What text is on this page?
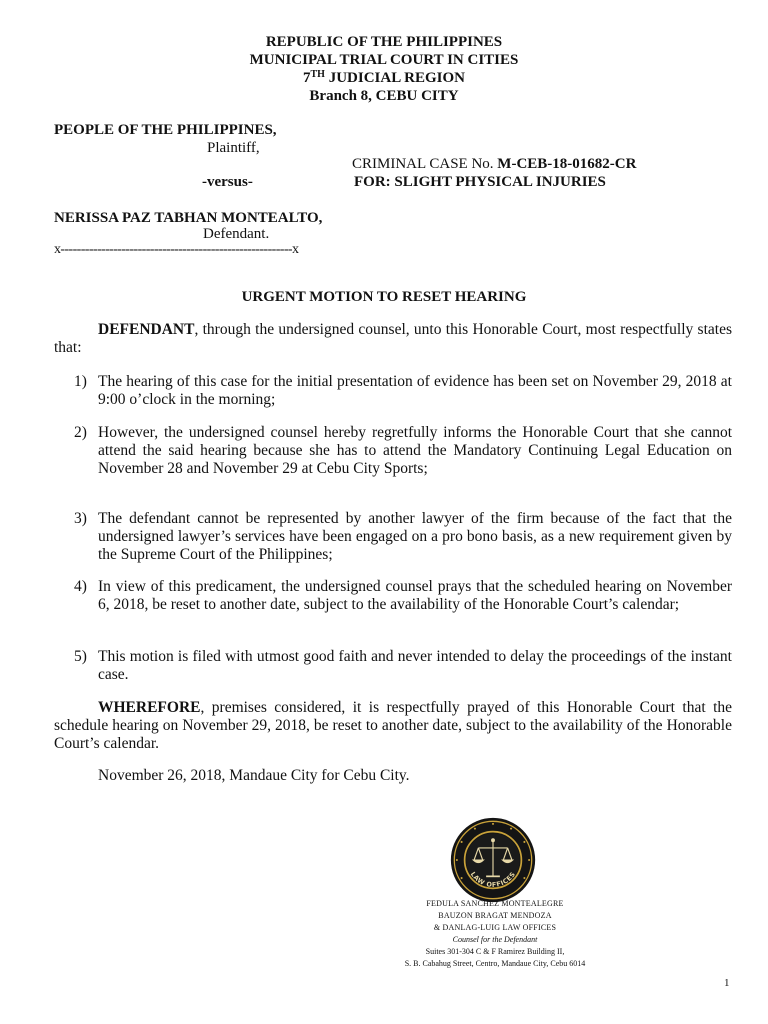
REPUBLIC OF THE PHILIPPINES
MUNICIPAL TRIAL COURT IN CITIES
7TH JUDICIAL REGION
Branch 8, CEBU CITY
PEOPLE OF THE PHILIPPINES,
Plaintiff,
CRIMINAL CASE No. M-CEB-18-01682-CR
-versus-	FOR: SLIGHT PHYSICAL INJURIES
NERISSA PAZ TABHAN MONTEALTO,
Defendant.
x---------------------------------------------------------x
URGENT MOTION TO RESET HEARING

DEFENDANT, through the undersigned counsel, unto this Honorable Court, most respectfully states that:

1) The hearing of this case for the initial presentation of evidence has been set on November 29, 2018 at 9:00 o’clock in the morning;
2) However, the undersigned counsel hereby regretfully informs the Honorable Court that she cannot attend the said hearing because she has to attend the Mandatory Continuing Legal Education on November 28 and November 29 at Cebu City Sports;
3) The defendant cannot be represented by another lawyer of the firm because of the fact that the undersigned lawyer’s services have been engaged on a pro bono basis, as a new requirement given by the Supreme Court of the Philippines;
4) In view of this predicament, the undersigned counsel prays that the scheduled hearing on November 6, 2018, be reset to another date, subject to the availability of the Honorable Court’s calendar;
5) This motion is filed with utmost good faith and never intended to delay the proceedings of the instant case.

WHEREFORE, premises considered, it is respectfully prayed of this Honorable Court that the schedule hearing on November 29, 2018, be reset to another date, subject to the availability of the Honorable Court’s calendar.

November 26, 2018, Mandaue City for Cebu City.
LAW OFFICES
FEDULA SANCHEZ MONTEALEGRE
BAUZON BRAGAT MENDOZA
& DANLAG-LUIG LAW OFFICES
Counsel for the Defendant
Suites 301-304 C & F Ramirez Building II,
S. B. Cabahug Street, Centro, Mandaue City, Cebu 6014
1
